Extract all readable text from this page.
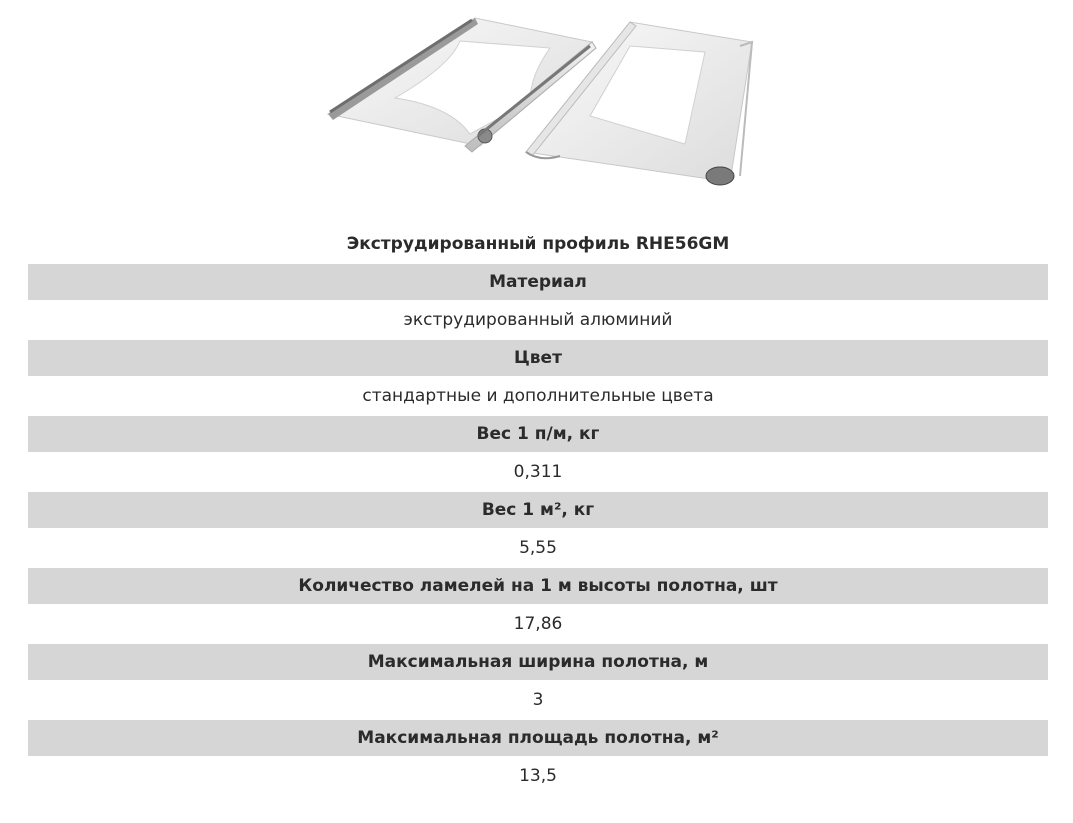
Экструдированный профиль RHE56GM
Материал
экструдированный алюминий
Цвет
стандартные и дополнительные цвета
Вес 1 п/м, кг
0,311
Вес 1 м², кг
5,55
Количество ламелей на 1 м высоты полотна, шт
17,86
Максимальная ширина полотна, м
3
Максимальная площадь полотна, м²
13,5
